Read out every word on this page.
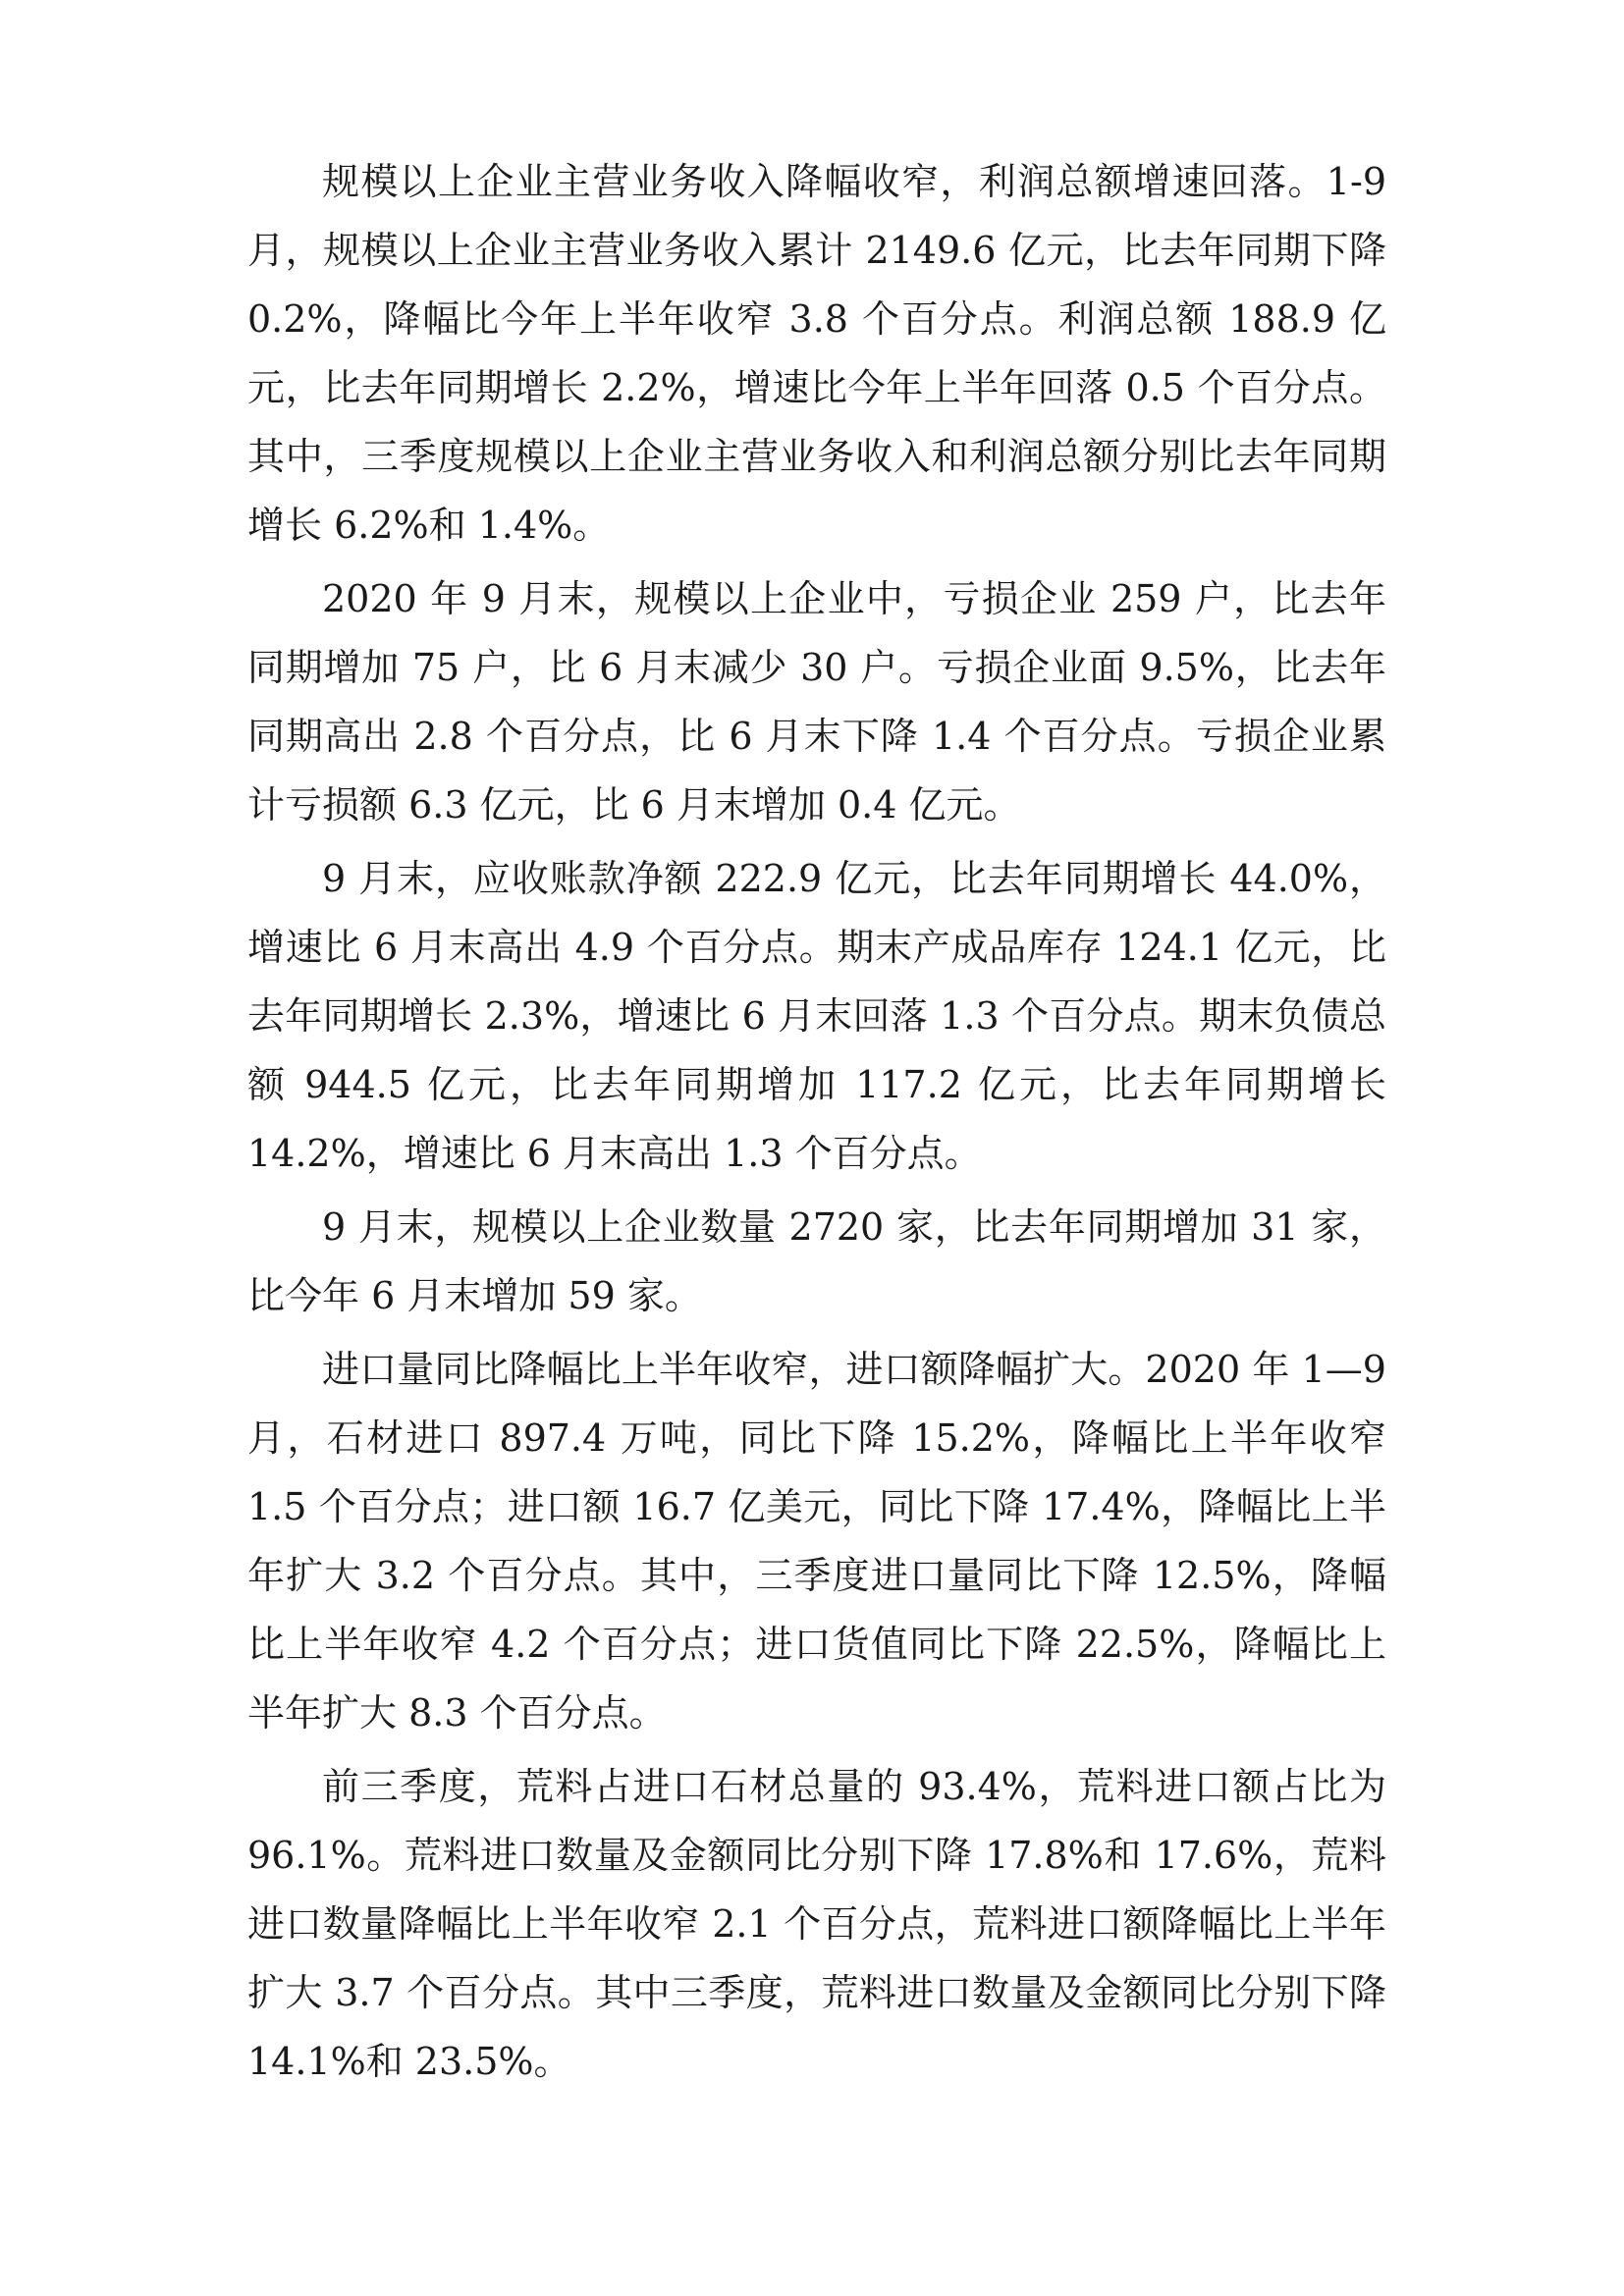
规模以上企业主营业务收入降幅收窄，利润总额增速回落。1-9 月，规模以上企业主营业务收入累计 2149.6 亿元，比去年同期下降 0.2%，降幅比今年上半年收窄 3.8 个百分点。利润总额 188.9 亿元，比去年同期增长 2.2%，增速比今年上半年回落 0.5 个百分点。其中，三季度规模以上企业主营业务收入和利润总额分别比去年同期增长 6.2%和 1.4%。

2020 年 9 月末，规模以上企业中，亏损企业 259 户，比去年同期增加 75 户，比 6 月末减少 30 户。亏损企业面 9.5%，比去年同期高出 2.8 个百分点，比 6 月末下降 1.4 个百分点。亏损企业累计亏损额 6.3 亿元，比 6 月末增加 0.4 亿元。

9 月末，应收账款净额 222.9 亿元，比去年同期增长 44.0%，增速比 6 月末高出 4.9 个百分点。期末产成品库存 124.1 亿元，比去年同期增长 2.3%，增速比 6 月末回落 1.3 个百分点。期末负债总额 944.5 亿元，比去年同期增加 117.2 亿元，比去年同期增长 14.2%，增速比 6 月末高出 1.3 个百分点。

9 月末，规模以上企业数量 2720 家，比去年同期增加 31 家，比今年 6 月末增加 59 家。

进口量同比降幅比上半年收窄，进口额降幅扩大。2020 年 1—9 月，石材进口 897.4 万吨，同比下降 15.2%，降幅比上半年收窄 1.5 个百分点；进口额 16.7 亿美元，同比下降 17.4%，降幅比上半年扩大 3.2 个百分点。其中，三季度进口量同比下降 12.5%，降幅比上半年收窄 4.2 个百分点；进口货值同比下降 22.5%，降幅比上半年扩大 8.3 个百分点。

前三季度，荒料占进口石材总量的 93.4%，荒料进口额占比为 96.1%。荒料进口数量及金额同比分别下降 17.8%和 17.6%，荒料进口数量降幅比上半年收窄 2.1 个百分点，荒料进口额降幅比上半年扩大 3.7 个百分点。其中三季度，荒料进口数量及金额同比分别下降 14.1%和 23.5%。
